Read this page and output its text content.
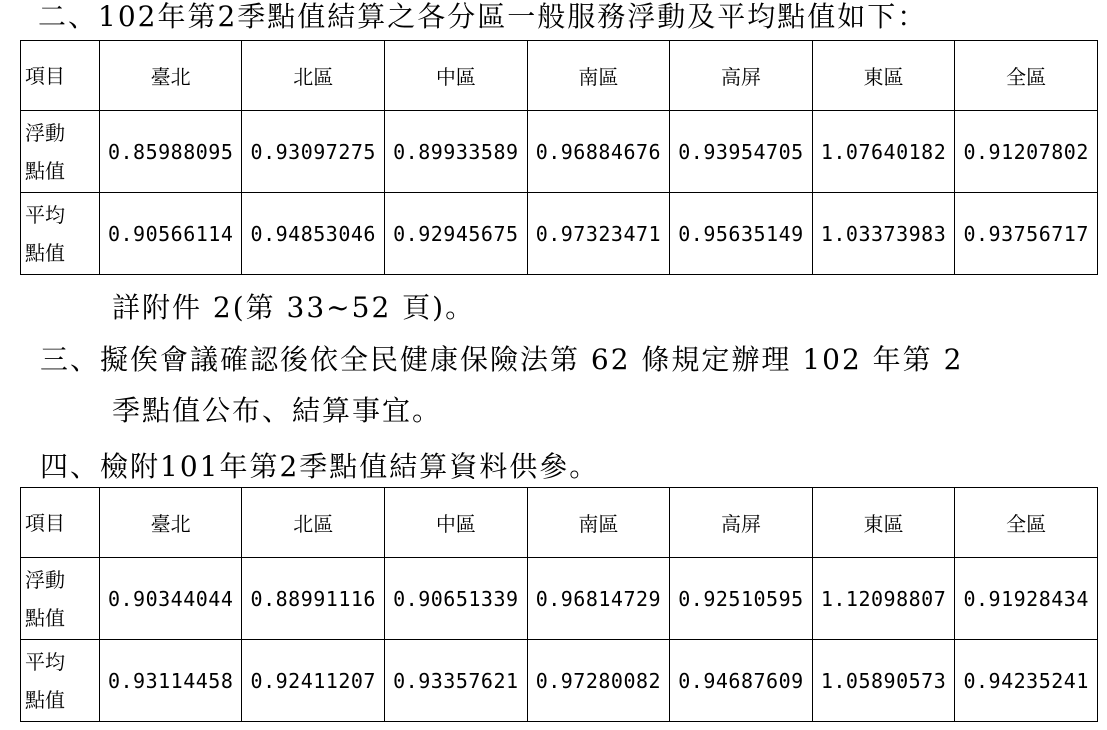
二、102年第2季點值結算之各分區一般服務浮動及平均點值如下：
項目	臺北	北區	中區	南區	高屏	東區	全區
浮動
點值	0.85988095	0.93097275	0.89933589	0.96884676	0.93954705	1.07640182	0.91207802
平均
點值	0.90566114	0.94853046	0.92945675	0.97323471	0.95635149	1.03373983	0.93756717
詳附件 2(第 33~52 頁)。
三、擬俟會議確認後依全民健康保險法第 62 條規定辦理 102 年第 2
季點值公布、結算事宜。
四、檢附101年第2季點值結算資料供參。
項目	臺北	北區	中區	南區	高屏	東區	全區
浮動
點值	0.90344044	0.88991116	0.90651339	0.96814729	0.92510595	1.12098807	0.91928434
平均
點值	0.93114458	0.92411207	0.93357621	0.97280082	0.94687609	1.05890573	0.94235241
